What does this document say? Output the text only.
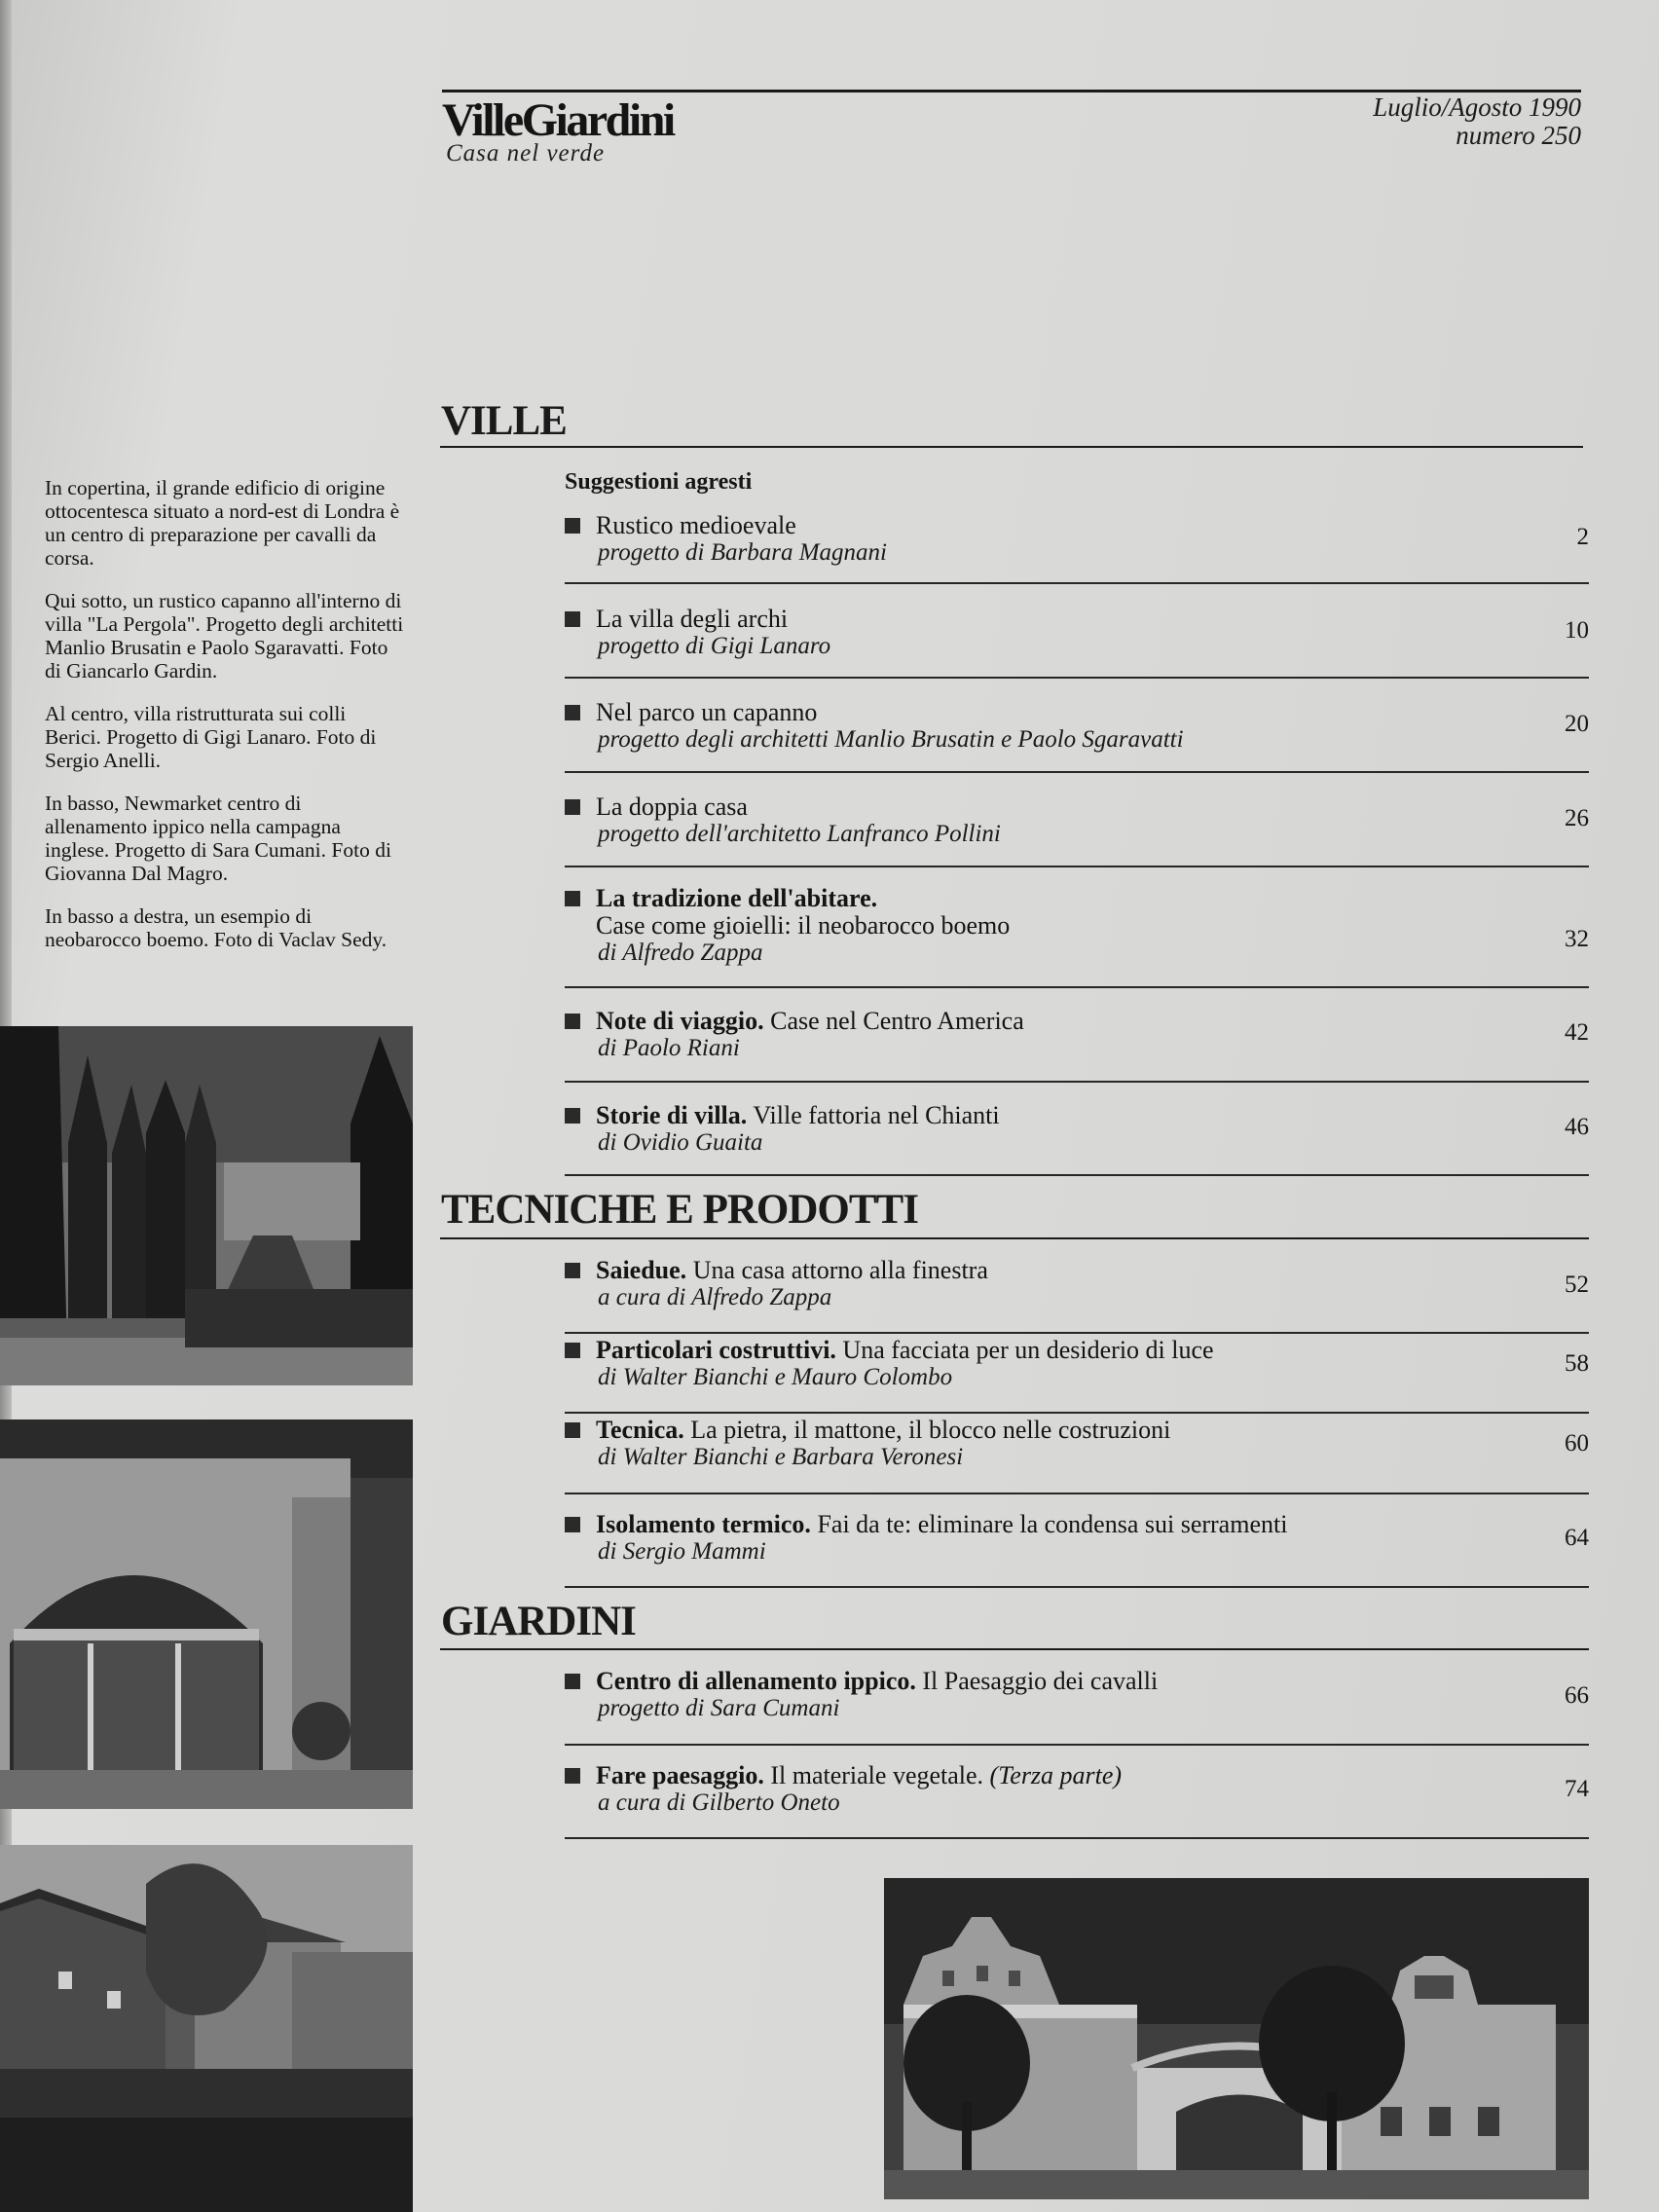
VilleGiardini
Casa nel verde
Luglio/Agosto 1990
numero 250

In copertina, il grande edificio di origine ottocentesca situato a nord-est di Londra è un centro di preparazione per cavalli da corsa.

Qui sotto, un rustico capanno all'interno di villa "La Pergola". Progetto degli architetti Manlio Brusatin e Paolo Sgaravatti. Foto di Giancarlo Gardin.

Al centro, villa ristrutturata sui colli Berici. Progetto di Gigi Lanaro. Foto di Sergio Anelli.

In basso, Newmarket centro di allenamento ippico nella campagna inglese. Progetto di Sara Cumani. Foto di Giovanna Dal Magro.

In basso a destra, un esempio di neobarocco boemo. Foto di Vaclav Sedy.

VILLE
Suggestioni agresti
Rustico medioevale
progetto di Barbara Magnani
2
La villa degli archi
progetto di Gigi Lanaro
10
Nel parco un capanno
progetto degli architetti Manlio Brusatin e Paolo Sgaravatti
20
La doppia casa
progetto dell'architetto Lanfranco Pollini
26
La tradizione dell'abitare.
Case come gioielli: il neobarocco boemo
di Alfredo Zappa
32
Note di viaggio. Case nel Centro America
di Paolo Riani
42
Storie di villa. Ville fattoria nel Chianti
di Ovidio Guaita
46
TECNICHE E PRODOTTI
Saiedue. Una casa attorno alla finestra
a cura di Alfredo Zappa	52
Particolari costruttivi. Una facciata per un desiderio di luce
di Walter Bianchi e Mauro Colombo
58
Tecnica. La pietra, il mattone, il blocco nelle costruzioni
di Walter Bianchi e Barbara Veronesi
60
Isolamento termico. Fai da te: eliminare la condensa sui serramenti
di Sergio Mammi
64
GIARDINI
Centro di allenamento ippico. Il Paesaggio dei cavalli
progetto di Sara Cumani	66
Fare paesaggio. Il materiale vegetale. (Terza parte)
a cura di Gilberto Oneto
74
